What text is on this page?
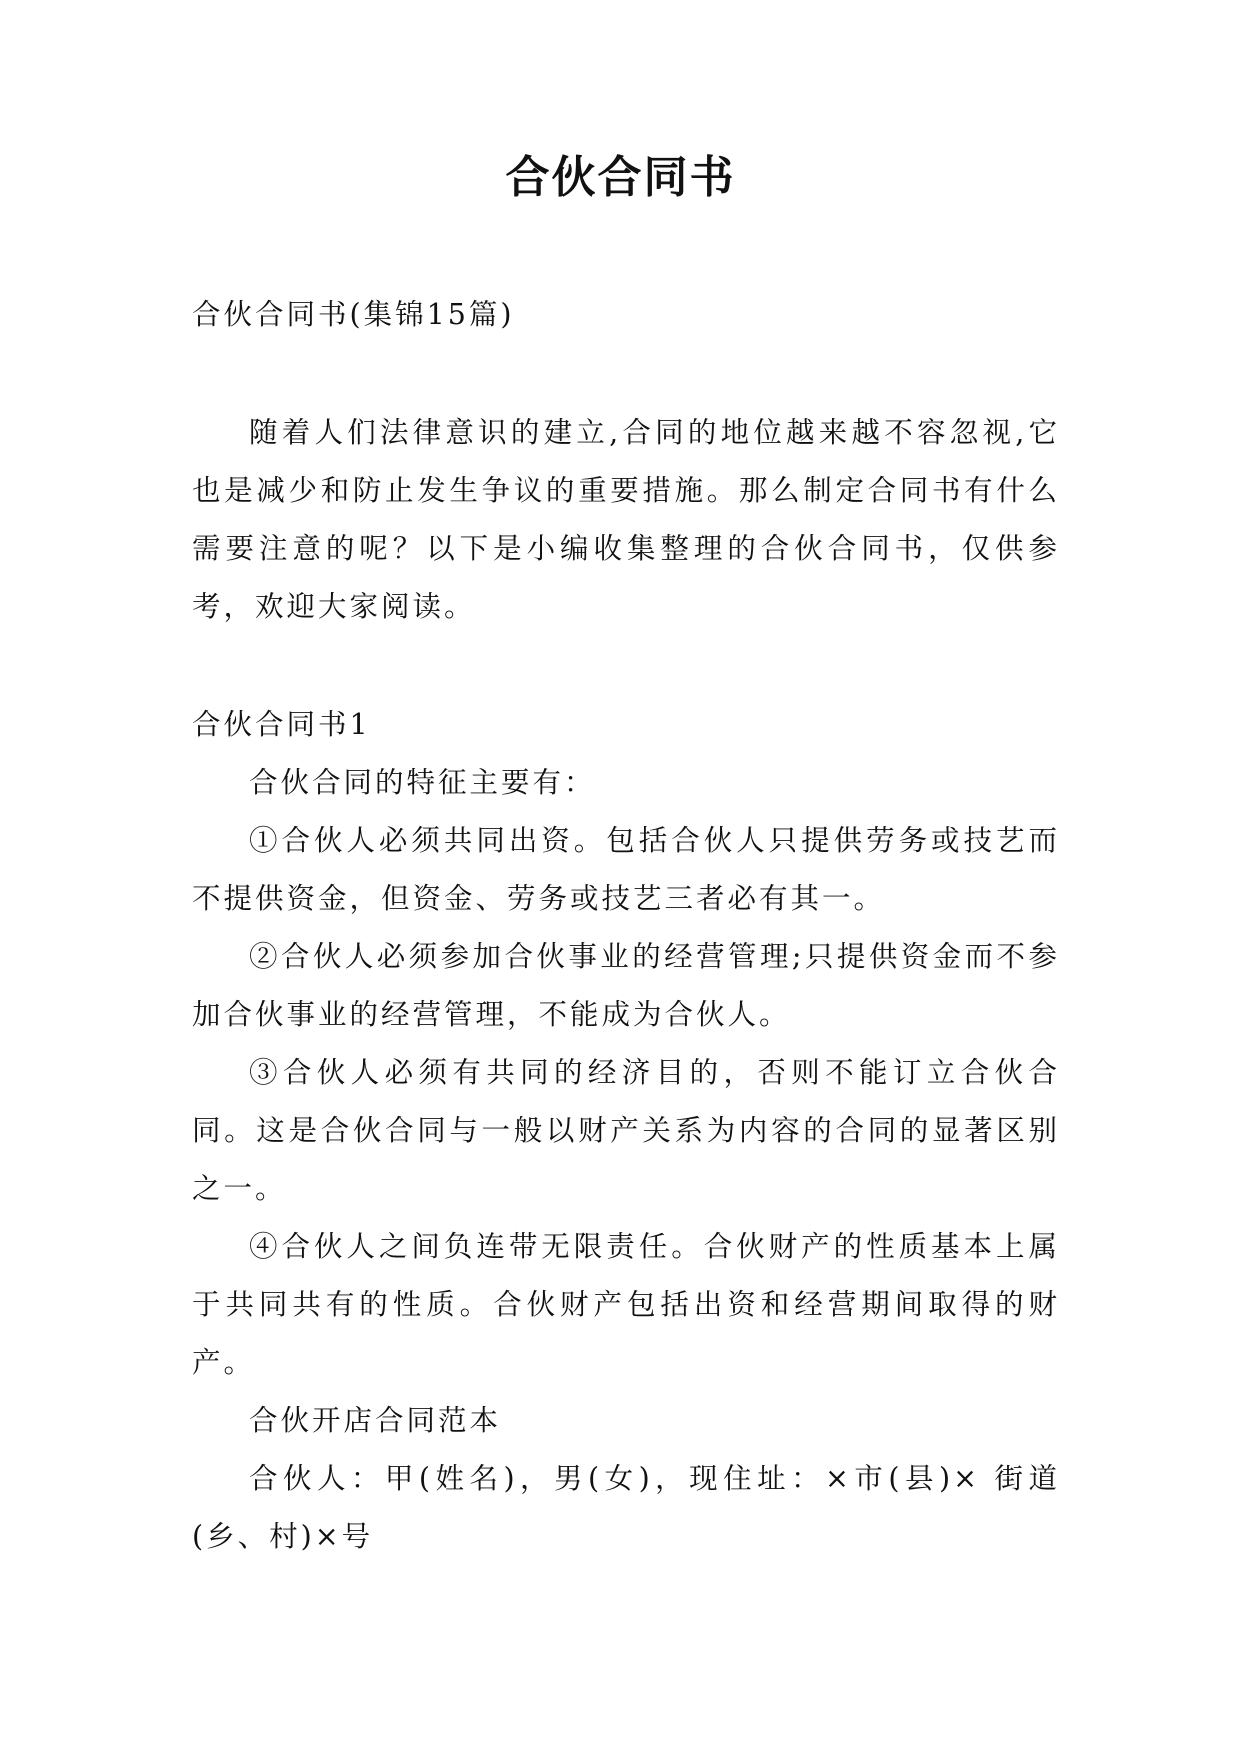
合伙合同书

合伙合同书(集锦15篇)

随着人们法律意识的建立,合同的地位越来越不容忽视,它也是减少和防止发生争议的重要措施。那么制定合同书有什么需要注意的呢？以下是小编收集整理的合伙合同书，仅供参考，欢迎大家阅读。

合伙合同书1

合伙合同的特征主要有：

①合伙人必须共同出资。包括合伙人只提供劳务或技艺而不提供资金，但资金、劳务或技艺三者必有其一。

②合伙人必须参加合伙事业的经营管理;只提供资金而不参加合伙事业的经营管理，不能成为合伙人。

③合伙人必须有共同的经济目的，否则不能订立合伙合同。这是合伙合同与一般以财产关系为内容的合同的显著区别之一。

④合伙人之间负连带无限责任。合伙财产的性质基本上属于共同共有的性质。合伙财产包括出资和经营期间取得的财产。

合伙开店合同范本

合伙人：甲(姓名)，男(女)，现住址：×市(县)× 街道(乡、村)×号
